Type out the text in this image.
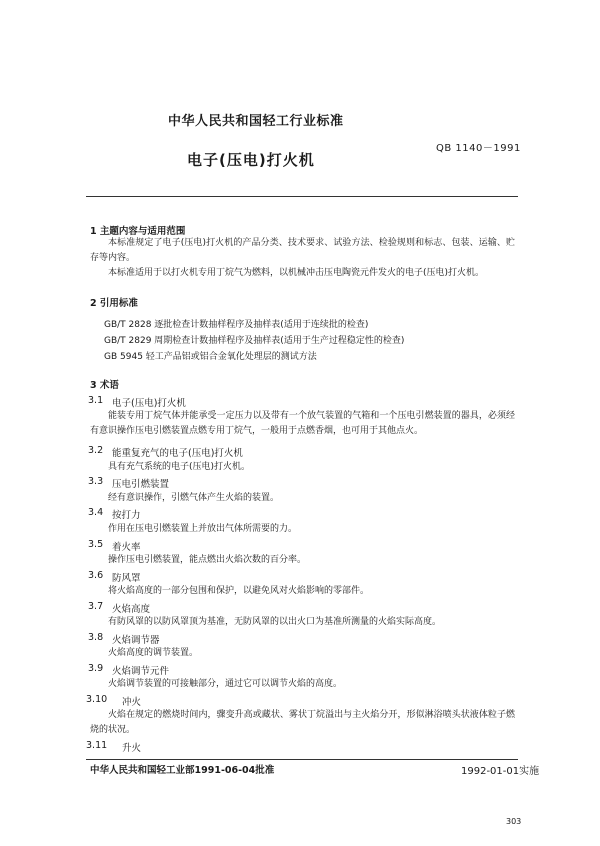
中华人民共和国轻工行业标准
QB 1140－1991
电子(压电)打火机
1 主题内容与适用范围
本标准规定了电子(压电)打火机的产品分类、技术要求、试验方法、检验规则和标志、包装、运输、贮存等内容。
本标准适用于以打火机专用丁烷气为燃料，以机械冲击压电陶瓷元件发火的电子(压电)打火机。
2 引用标准
GB/T 2828 逐批检查计数抽样程序及抽样表(适用于连续批的检查)
GB/T 2829 周期检查计数抽样程序及抽样表(适用于生产过程稳定性的检查)
GB 5945 轻工产品铝或铝合金氧化处理层的测试方法
3 术语
3.1 电子(压电)打火机
能装专用丁烷气体并能承受一定压力以及带有一个放气装置的气箱和一个压电引燃装置的器具，必须经有意识操作压电引燃装置点燃专用丁烷气，一般用于点燃香烟，也可用于其他点火。
3.2 能重复充气的电子(压电)打火机
具有充气系统的电子(压电)打火机。
3.3 压电引燃装置
经有意识操作，引燃气体产生火焰的装置。
3.4 按打力
作用在压电引燃装置上并放出气体所需要的力。
3.5 着火率
操作压电引燃装置，能点燃出火焰次数的百分率。
3.6 防风罩
将火焰高度的一部分包围和保护，以避免风对火焰影响的零部件。
3.7 火焰高度
有防风罩的以防风罩顶为基准，无防风罩的以出火口为基准所测量的火焰实际高度。
3.8 火焰调节器
火焰高度的调节装置。
3.9 火焰调节元件
火焰调节装置的可接触部分，通过它可以调节火焰的高度。
3.10 冲火
火焰在规定的燃烧时间内，骤变升高或藏状、雾状丁烷溢出与主火焰分开，形似淋浴喷头状液体粒子燃烧的状况。
3.11 升火
中华人民共和国轻工业部1991-06-04批准	1992-01-01实施
303
